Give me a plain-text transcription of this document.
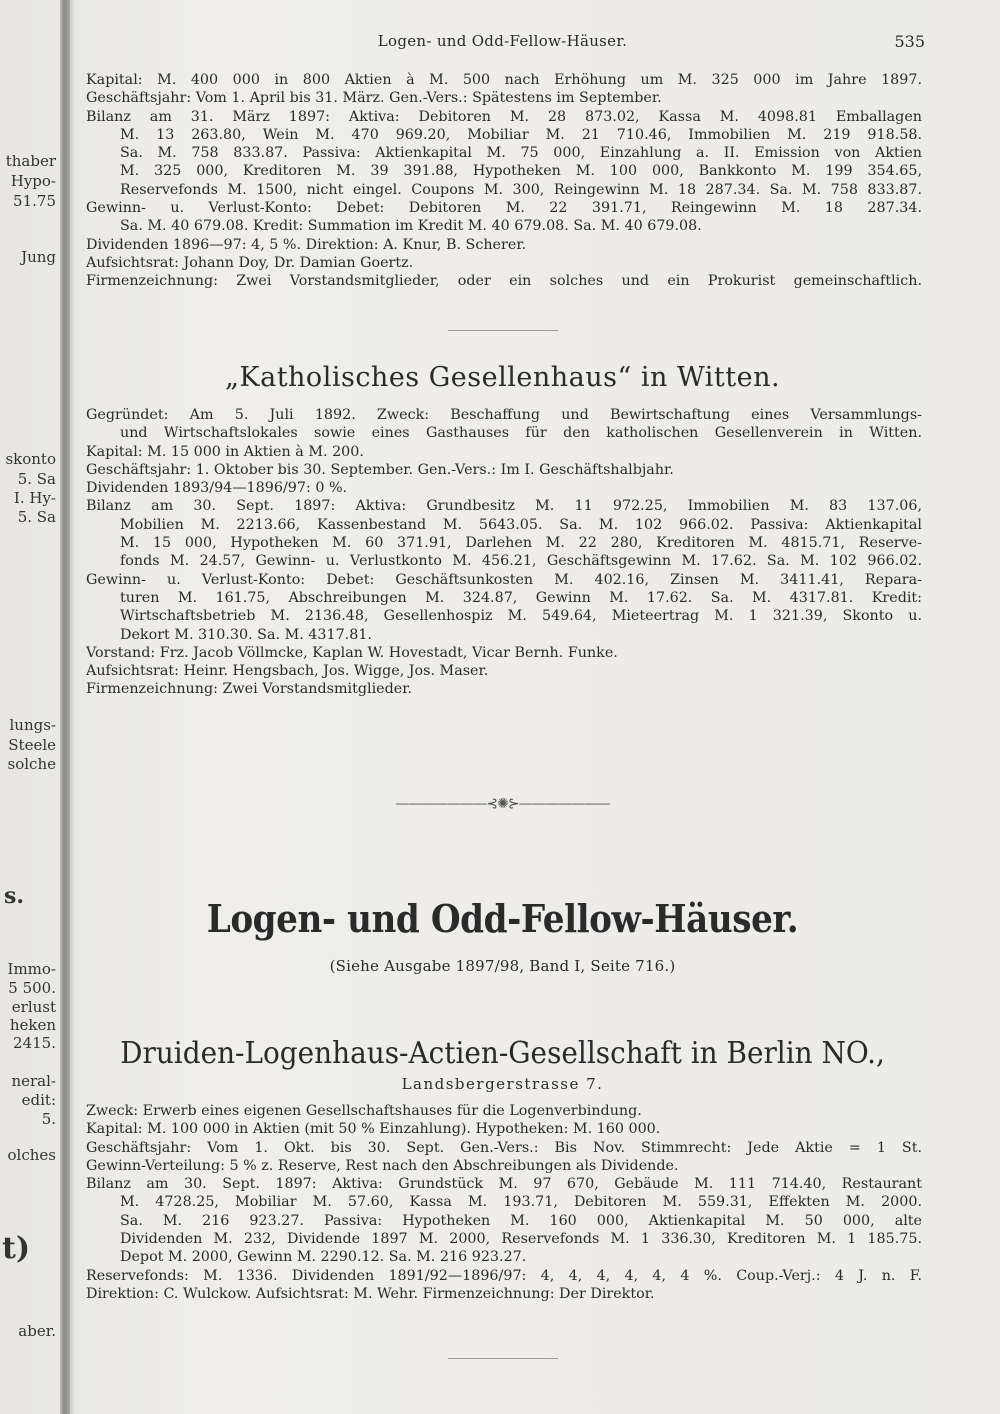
thaber
Hypo-
51.75
Jung
skonto
5. Sa
I. Hy-
5. Sa
lungs-
Steele
solche
s.
Immo-
5 500.
erlust
heken
2415.
neral-
edit:
5.
olches
t)
aber.
Logen- und Odd-Fellow-Häuser.	535
Kapital: M. 400 000 in 800 Aktien à M. 500 nach Erhöhung um M. 325 000 im Jahre 1897.
Geschäftsjahr: Vom 1. April bis 31. März. Gen.-Vers.: Spätestens im September.
Bilanz am 31. März 1897: Aktiva: Debitoren M. 28 873.02, Kassa M. 4098.81 Emballagen
M. 13 263.80, Wein M. 470 969.20, Mobiliar M. 21 710.46, Immobilien M. 219 918.58.
Sa. M. 758 833.87. Passiva: Aktienkapital M. 75 000, Einzahlung a. II. Emission von Aktien
M. 325 000, Kreditoren M. 39 391.88, Hypotheken M. 100 000, Bankkonto M. 199 354.65,
Reservefonds M. 1500, nicht eingel. Coupons M. 300, Reingewinn M. 18 287.34. Sa. M. 758 833.87.
Gewinn- u. Verlust-Konto: Debet: Debitoren M. 22 391.71, Reingewinn M. 18 287.34.
Sa. M. 40 679.08. Kredit: Summation im Kredit M. 40 679.08. Sa. M. 40 679.08.
Dividenden 1896—97: 4, 5 %. Direktion: A. Knur, B. Scherer.
Aufsichtsrat: Johann Doy, Dr. Damian Goertz.
Firmenzeichnung: Zwei Vorstandsmitglieder, oder ein solches und ein Prokurist gemeinschaftlich.
„Katholisches Gesellenhaus“ in Witten.
Gegründet: Am 5. Juli 1892. Zweck: Beschaffung und Bewirtschaftung eines Versammlungs-
und Wirtschaftslokales sowie eines Gasthauses für den katholischen Gesellenverein in Witten.
Kapital: M. 15 000 in Aktien à M. 200.
Geschäftsjahr: 1. Oktober bis 30. September. Gen.-Vers.: Im I. Geschäftshalbjahr.
Dividenden 1893/94—1896/97: 0 %.
Bilanz am 30. Sept. 1897: Aktiva: Grundbesitz M. 11 972.25, Immobilien M. 83 137.06,
Mobilien M. 2213.66, Kassenbestand M. 5643.05. Sa. M. 102 966.02. Passiva: Aktienkapital
M. 15 000, Hypotheken M. 60 371.91, Darlehen M. 22 280, Kreditoren M. 4815.71, Reserve-
fonds M. 24.57, Gewinn- u. Verlustkonto M. 456.21, Geschäftsgewinn M. 17.62. Sa. M. 102 966.02.
Gewinn- u. Verlust-Konto: Debet: Geschäftsunkosten M. 402.16, Zinsen M. 3411.41, Repara-
turen M. 161.75, Abschreibungen M. 324.87, Gewinn M. 17.62. Sa. M. 4317.81. Kredit:
Wirtschaftsbetrieb M. 2136.48, Gesellenhospiz M. 549.64, Mieteertrag M. 1 321.39, Skonto u.
Dekort M. 310.30. Sa. M. 4317.81.
Vorstand: Frz. Jacob Völlmcke, Kaplan W. Hovestadt, Vicar Bernh. Funke.
Aufsichtsrat: Heinr. Hengsbach, Jos. Wigge, Jos. Maser.
Firmenzeichnung: Zwei Vorstandsmitglieder.
———————⊰✺⊱———————
Logen- und Odd-Fellow-Häuser.
(Siehe Ausgabe 1897/98, Band I, Seite 716.)
Druiden-Logenhaus-Actien-Gesellschaft in Berlin NO.,
Landsbergerstrasse 7.
Zweck: Erwerb eines eigenen Gesellschaftshauses für die Logenverbindung.
Kapital: M. 100 000 in Aktien (mit 50 % Einzahlung). Hypotheken: M. 160 000.
Geschäftsjahr: Vom 1. Okt. bis 30. Sept. Gen.-Vers.: Bis Nov. Stimmrecht: Jede Aktie = 1 St.
Gewinn-Verteilung: 5 % z. Reserve, Rest nach den Abschreibungen als Dividende.
Bilanz am 30. Sept. 1897: Aktiva: Grundstück M. 97 670, Gebäude M. 111 714.40, Restaurant
M. 4728.25, Mobiliar M. 57.60, Kassa M. 193.71, Debitoren M. 559.31, Effekten M. 2000.
Sa. M. 216 923.27. Passiva: Hypotheken M. 160 000, Aktienkapital M. 50 000, alte
Dividenden M. 232, Dividende 1897 M. 2000, Reservefonds M. 1 336.30, Kreditoren M. 1 185.75.
Depot M. 2000, Gewinn M. 2290.12. Sa. M. 216 923.27.
Reservefonds: M. 1336. Dividenden 1891/92—1896/97: 4, 4, 4, 4, 4, 4 %. Coup.-Verj.: 4 J. n. F.
Direktion: C. Wulckow. Aufsichtsrat: M. Wehr. Firmenzeichnung: Der Direktor.
